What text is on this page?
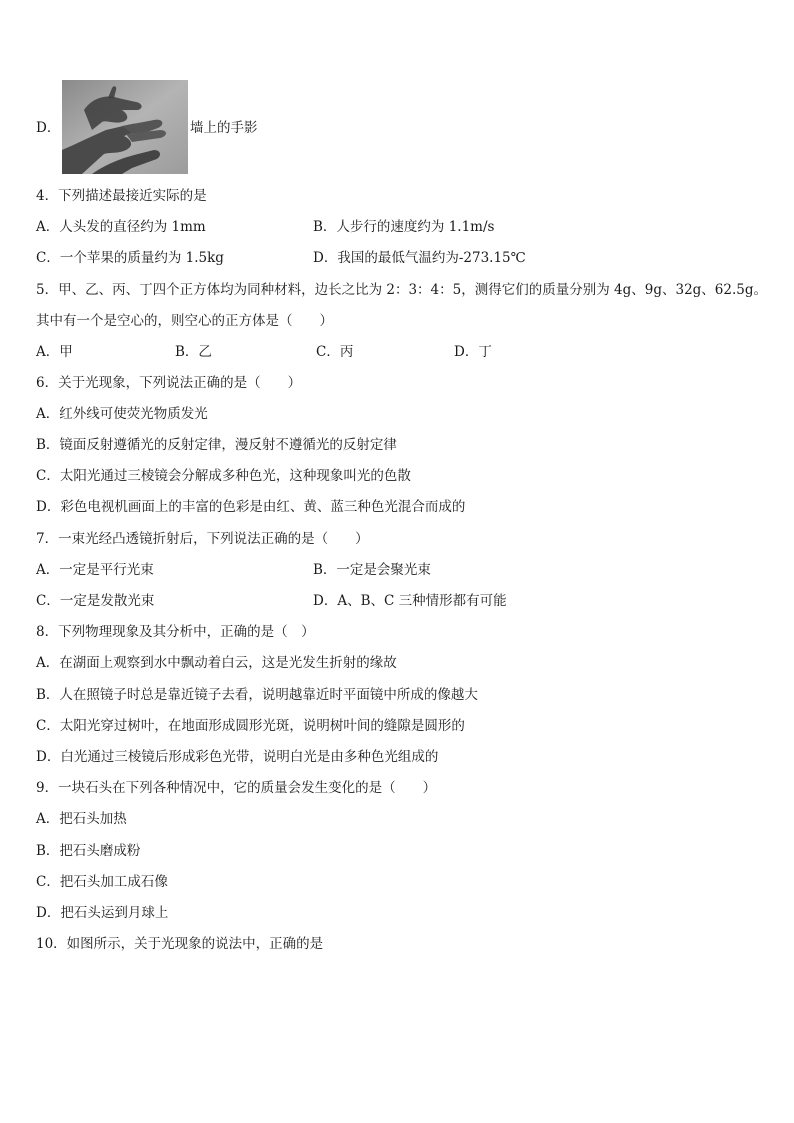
D．	墙上的手影
4．下列描述最接近实际的是
A．人头发的直径约为 1mm	B．人步行的速度约为 1.1m/s
C．一个苹果的质量约为 1.5kg	D．我国的最低气温约为-273.15℃
5．甲、乙、丙、丁四个正方体均为同种材料，边长之比为 2：3：4：5，测得它们的质量分别为 4g、9g、32g、62.5g。
其中有一个是空心的，则空心的正方体是（　　）
A．甲	B．乙	C．丙	D．丁
6．关于光现象，下列说法正确的是（　　）
A．红外线可使荧光物质发光
B．镜面反射遵循光的反射定律，漫反射不遵循光的反射定律
C．太阳光通过三棱镜会分解成多种色光，这种现象叫光的色散
D．彩色电视机画面上的丰富的色彩是由红、黄、蓝三种色光混合而成的
7．一束光经凸透镜折射后，下列说法正确的是（　　）
A．一定是平行光束	B．一定是会聚光束
C．一定是发散光束	D．A、B、C 三种情形都有可能
8．下列物理现象及其分析中，正确的是（　）
A．在湖面上观察到水中飘动着白云，这是光发生折射的缘故
B．人在照镜子时总是靠近镜子去看，说明越靠近时平面镜中所成的像越大
C．太阳光穿过树叶，在地面形成圆形光斑，说明树叶间的缝隙是圆形的
D．白光通过三棱镜后形成彩色光带，说明白光是由多种色光组成的
9．一块石头在下列各种情况中，它的质量会发生变化的是（　　）
A．把石头加热
B．把石头磨成粉
C．把石头加工成石像
D．把石头运到月球上
10．如图所示，关于光现象的说法中，正确的是
